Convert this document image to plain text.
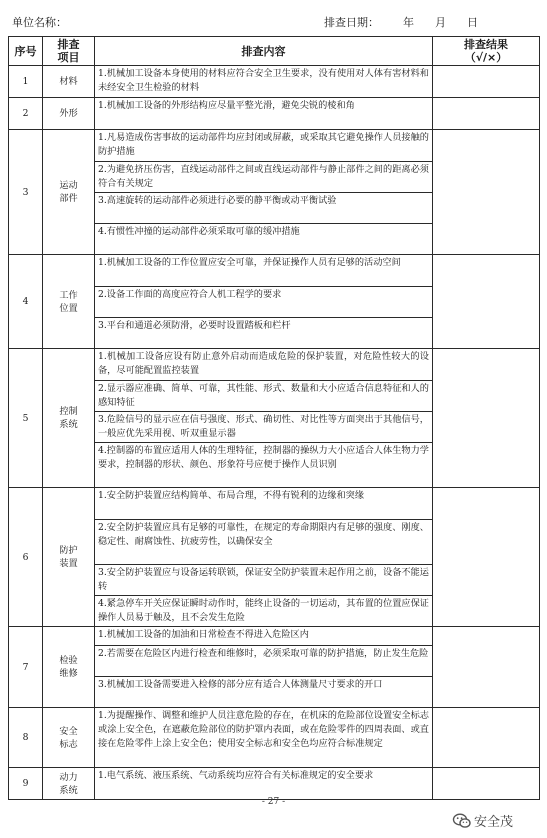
单位名称：	排查日期： 年 月 日
序号	排查项目	排查内容	排查结果（√/×）

1	材料	1.机械加工设备本身使用的材料应符合安全卫生要求，没有使用对人体有害材料和未经安全卫生检验的材料	

2	外形	1.机械加工设备的外形结构应尽量平整光滑，避免尖锐的棱和角	

3	运动部件	1.凡易造成伤害事故的运动部件均应封闭或屏蔽，或采取其它避免操作人员接触的防护措施
2.为避免挤压伤害，直线运动部件之间或直线运动部件与静止部件之间的距离必须符合有关规定
3.高速旋转的运动部件必须进行必要的静平衡或动平衡试验
4.有惯性冲撞的运动部件必须采取可靠的缓冲措施	

4	工作位置	1.机械加工设备的工作位置应安全可靠，并保证操作人员有足够的活动空间
2.设备工作面的高度应符合人机工程学的要求
3.平台和通道必须防滑，必要时设置踏板和栏杆	

5	控制系统	1.机械加工设备应设有防止意外启动而造成危险的保护装置，对危险性较大的设备，尽可能配置监控装置
2.显示器应准确、简单、可靠，其性能、形式、数量和大小应适合信息特征和人的感知特征
3.危险信号的显示应在信号强度、形式、确切性、对比性等方面突出于其他信号，一般应优先采用视、听双重显示器
4.控制器的布置应适用人体的生理特征，控制器的操纵力大小应适合人体生物力学要求，控制器的形状、颜色、形象符号应便于操作人员识别	

6	防护装置	1.安全防护装置应结构简单、布局合理，不得有锐利的边缘和突缘
2.安全防护装置应具有足够的可靠性，在规定的寿命期限内有足够的强度、刚度、稳定性、耐腐蚀性、抗疲劳性，以确保安全
3.安全防护装置应与设备运转联锁，保证安全防护装置未起作用之前，设备不能运转
4.紧急停车开关应保证瞬时动作时，能终止设备的一切运动，其布置的位置应保证操作人员易于触及，且不会发生危险	

7	检验维修	1.机械加工设备的加油和日常检查不得进入危险区内
2.若需要在危险区内进行检查和维修时，必须采取可靠的防护措施，防止发生危险
3.机械加工设备需要进入检修的部分应有适合人体测量尺寸要求的开口	

8	安全标志	1.为提醒操作、调整和维护人员注意危险的存在，在机床的危险部位设置安全标志或涂上安全色，在遮蔽危险部位的防护罩内表面，或在危险零件的四周表面、或直接在危险零件上涂上安全色；使用安全标志和安全色均应符合标准规定	

9	动力系统	1.电气系统、液压系统、气动系统均应符合有关标准规定的安全要求	

- 27 -
安全茂
